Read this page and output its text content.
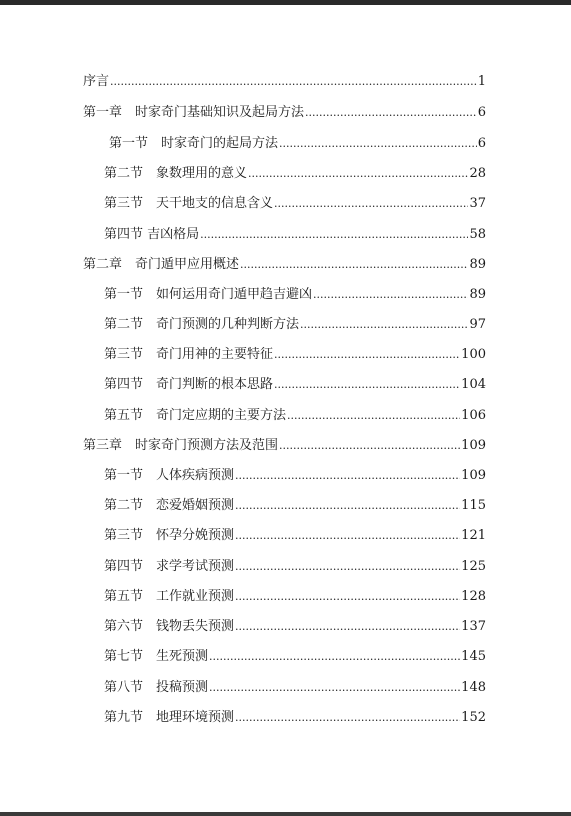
序言 .....	1
第一章　时家奇门基础知识及起局方法 .....	6
第一节　时家奇门的起局方法 .....	6
第二节　象数理用的意义 .....	28
第三节　天干地支的信息含义 .....	37
第四节 吉凶格局 .....	58
第二章　奇门遁甲应用概述 .....	89
第一节　如何运用奇门遁甲趋吉避凶 .....	89
第二节　奇门预测的几种判断方法 .....	97
第三节　奇门用神的主要特征 .....	100
第四节　奇门判断的根本思路 .....	104
第五节　奇门定应期的主要方法 .....	106
第三章　时家奇门预测方法及范围 .....	109
第一节　人体疾病预测 .....	109
第二节　恋爱婚姻预测 .....	115
第三节　怀孕分娩预测 .....	121
第四节　求学考试预测 .....	125
第五节　工作就业预测 .....	128
第六节　钱物丢失预测 .....	137
第七节　生死预测 .....	145
第八节　投稿预测 .....	148
第九节　地理环境预测 .....	152
